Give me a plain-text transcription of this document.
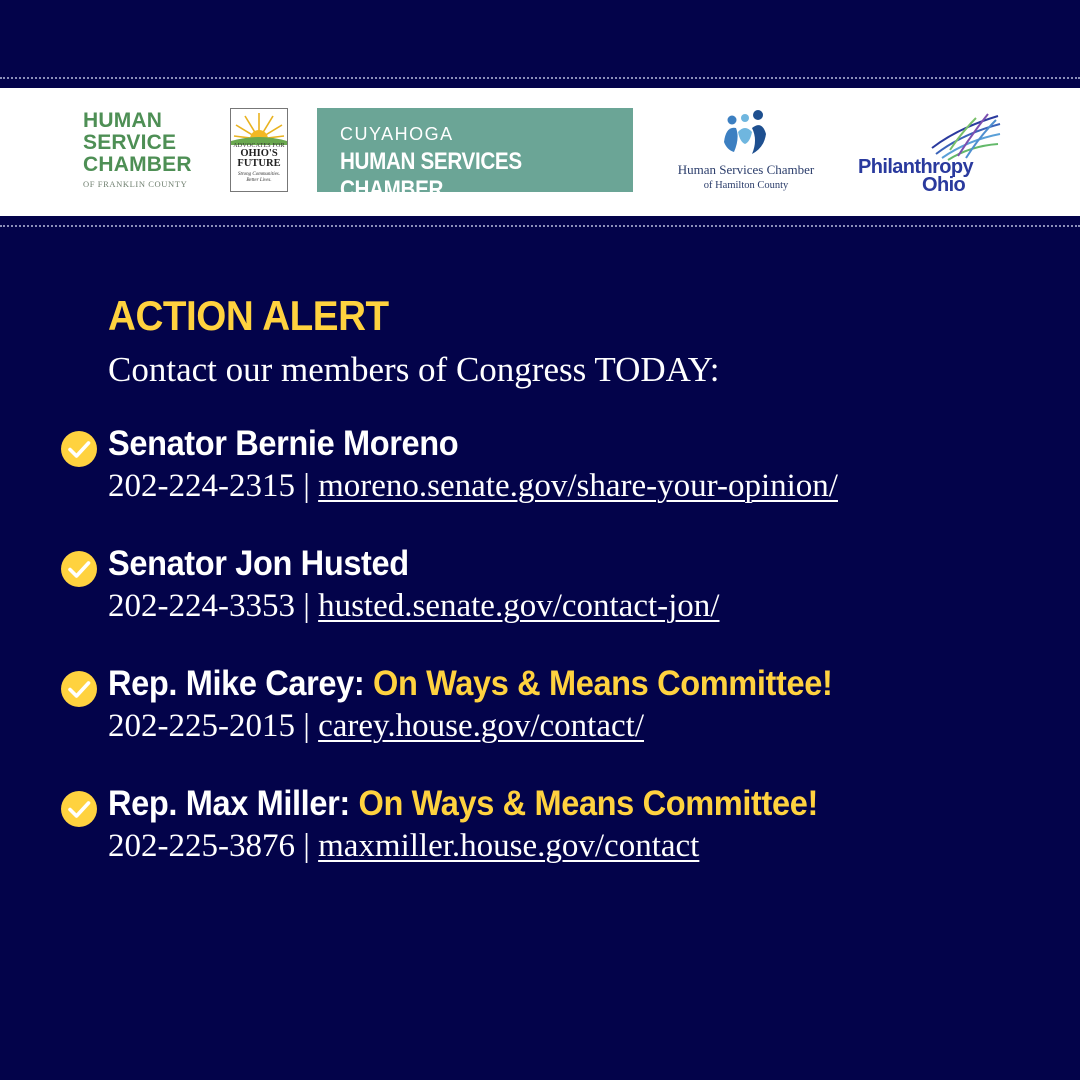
HUMAN
SERVICE
CHAMBER
OF FRANKLIN COUNTY
ADVOCATES FOR
OHIO'S
FUTURE
Strong Communities.
Better Lives.
CUYAHOGA
HUMAN SERVICES CHAMBER
Human Services Chamber
of Hamilton County
Philanthropy
Ohio
ACTION ALERT
Contact our members of Congress TODAY:
Senator Bernie Moreno
202-224-2315 | moreno.senate.gov/share-your-opinion/
Senator Jon Husted
202-224-3353 | husted.senate.gov/contact-jon/
Rep. Mike Carey: On Ways & Means Committee!
202-225-2015 | carey.house.gov/contact/
Rep. Max Miller: On Ways & Means Committee!
202-225-3876 | maxmiller.house.gov/contact
